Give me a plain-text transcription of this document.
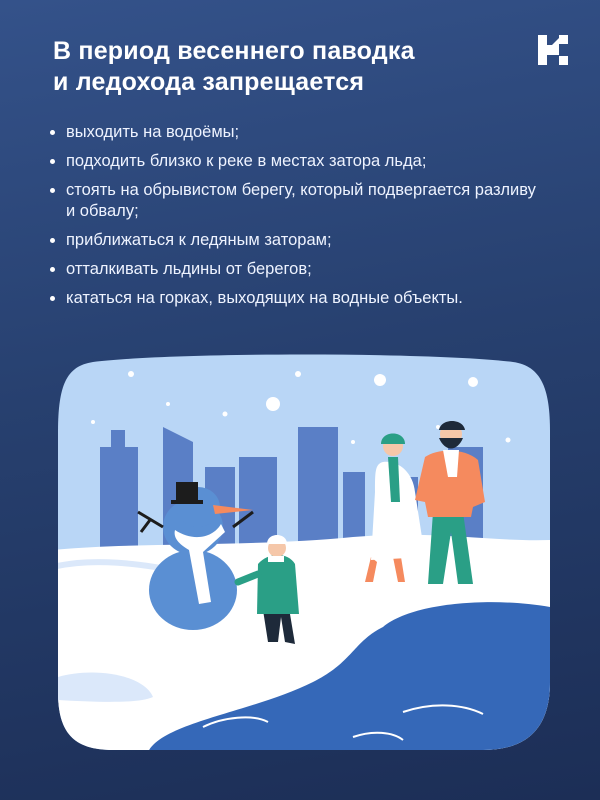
В период весеннего паводка
и ледохода запрещается
выходить на водоёмы;
подходить близко к реке в местах затора льда;
стоять на обрывистом берегу, который подвергается разливу и обвалу;
приближаться к ледяным заторам;
отталкивать льдины от берегов;
кататься на горках, выходящих на водные объекты.
